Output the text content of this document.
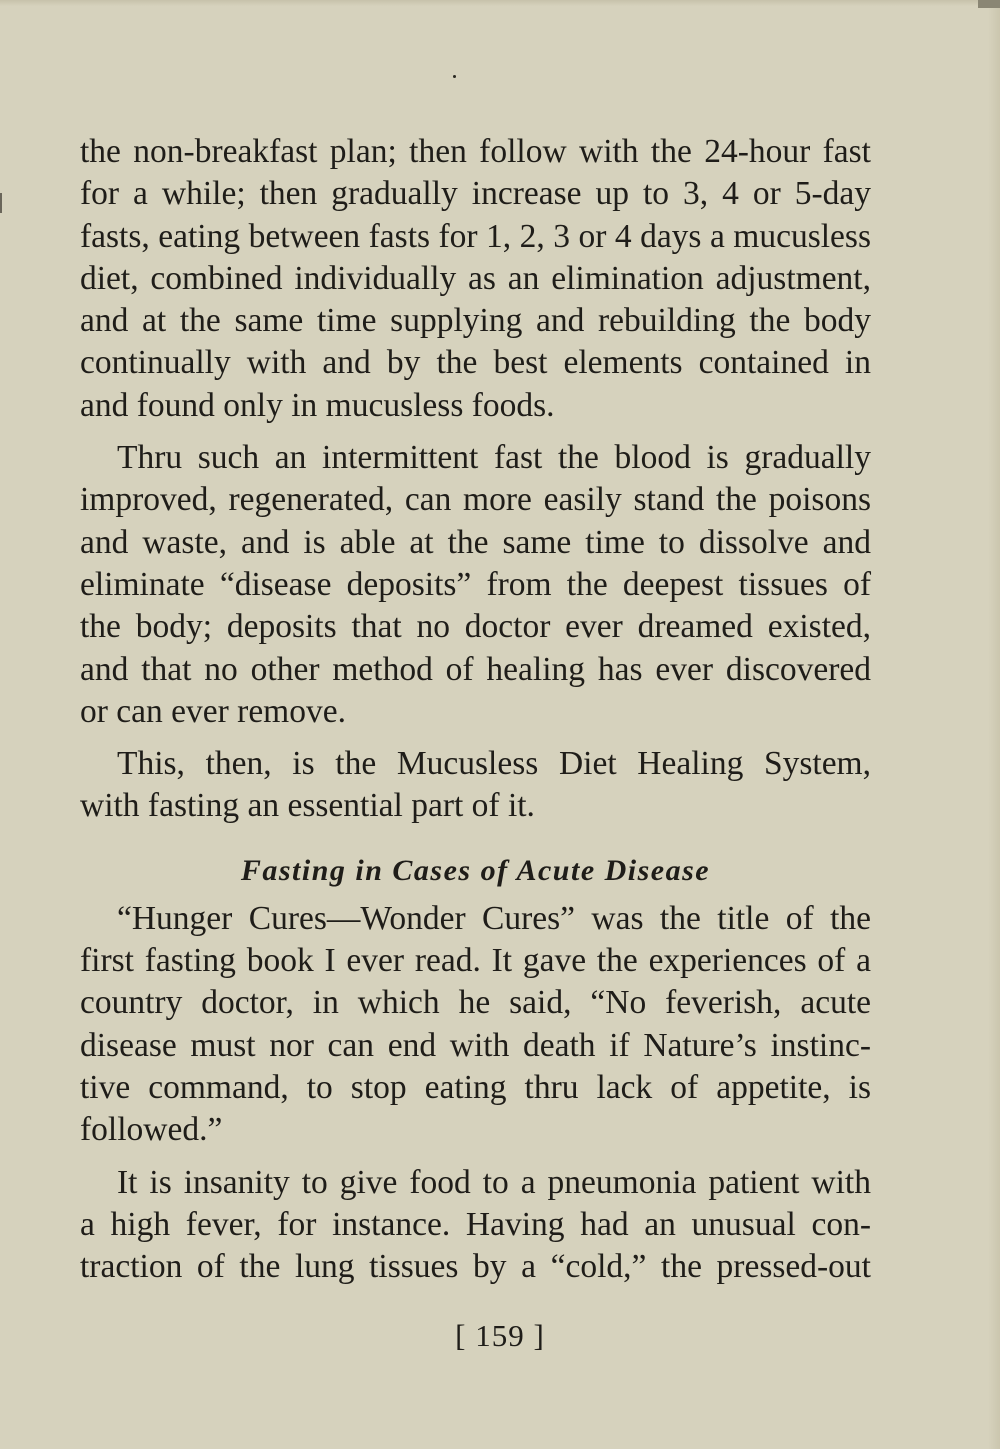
the non-breakfast plan; then follow with the 24-hour fast
for a while; then gradually increase up to 3, 4 or 5-day
fasts, eating between fasts for 1, 2, 3 or 4 days a mucusless
diet, combined individually as an elimination adjustment,
and at the same time supplying and rebuilding the body
continually with and by the best elements contained in
and found only in mucusless foods.
Thru such an intermittent fast the blood is gradually
improved, regenerated, can more easily stand the poisons
and waste, and is able at the same time to dissolve and
eliminate “disease deposits” from the deepest tissues of
the body; deposits that no doctor ever dreamed existed,
and that no other method of healing has ever discovered
or can ever remove.
This, then, is the Mucusless Diet Healing System,
with fasting an essential part of it.
Fasting in Cases of Acute Disease
“Hunger Cures—Wonder Cures” was the title of the
first fasting book I ever read. It gave the experiences of a
country doctor, in which he said, “No feverish, acute
disease must nor can end with death if Nature’s instinc-
tive command, to stop eating thru lack of appetite, is
followed.”
It is insanity to give food to a pneumonia patient with
a high fever, for instance. Having had an unusual con-
traction of the lung tissues by a “cold,” the pressed-out
[ 159 ]
